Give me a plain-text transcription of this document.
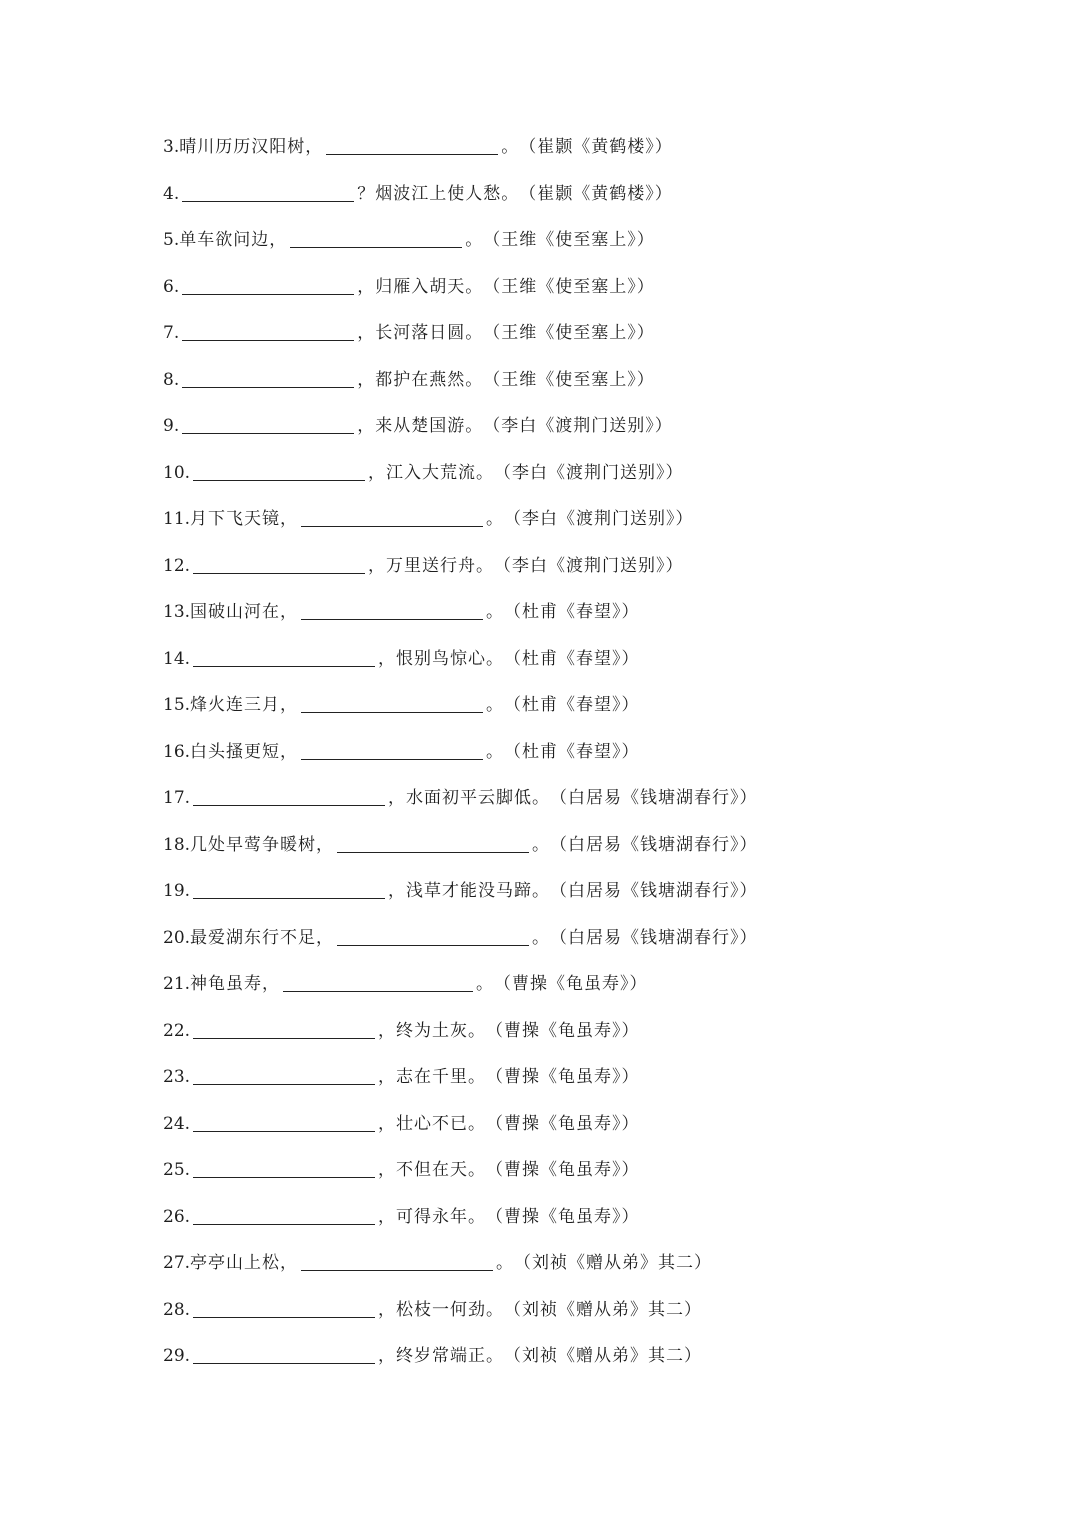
3. 晴川历历汉阳树，	。 （崔颢《黄鹤楼》）
4.	？烟波江上使人愁。 （崔颢《黄鹤楼》）
5. 单车欲问边，	。 （王维《使至塞上》）
6.	，归雁入胡天。 （王维《使至塞上》）
7.	，长河落日圆。 （王维《使至塞上》）
8.	，都护在燕然。 （王维《使至塞上》）
9.	，来从楚国游。 （李白《渡荆门送别》）
10.	，江入大荒流。 （李白《渡荆门送别》）
11. 月下飞天镜，	。 （李白《渡荆门送别》）
12.	，万里送行舟。 （李白《渡荆门送别》）
13. 国破山河在，	。 （杜甫《春望》）
14.	，恨别鸟惊心。 （杜甫《春望》）
15. 烽火连三月，	。 （杜甫《春望》）
16. 白头搔更短，	。 （杜甫《春望》）
17.	，水面初平云脚低。 （白居易《钱塘湖春行》）
18. 几处早莺争暖树，	。 （白居易《钱塘湖春行》）
19.	，浅草才能没马蹄。 （白居易《钱塘湖春行》）
20. 最爱湖东行不足，	。 （白居易《钱塘湖春行》）
21. 神龟虽寿，	。 （曹操《龟虽寿》）
22.	，终为土灰。 （曹操《龟虽寿》）
23.	，志在千里。 （曹操《龟虽寿》）
24.	，壮心不已。 （曹操《龟虽寿》）
25.	，不但在天。 （曹操《龟虽寿》）
26.	，可得永年。 （曹操《龟虽寿》）
27. 亭亭山上松，	。 （刘祯《赠从弟》其二）
28.	，松枝一何劲。 （刘祯《赠从弟》其二）
29.	，终岁常端正。 （刘祯《赠从弟》其二）
